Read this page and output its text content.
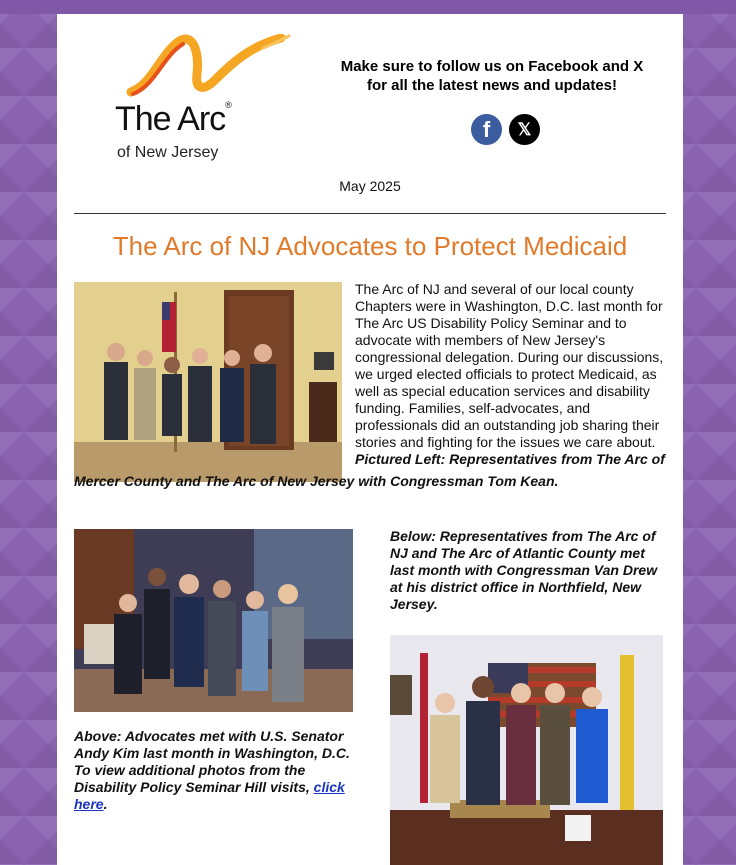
The Arc®
of New Jersey
Make sure to follow us on Facebook and X
for all the latest news and updates!
f	𝕏
May 2025
The Arc of NJ Advocates to Protect Medicaid
The Arc of NJ and several of our local county Chapters were in Washington, D.C. last month for The Arc US Disability Policy Seminar and to advocate with members of New Jersey's congressional delegation. During our discussions, we urged elected officials to protect Medicaid, as well as special education services and disability funding. Families, self-advocates, and professionals did an outstanding job sharing their stories and fighting for the issues we care about. Pictured Left: Representatives from The Arc of
Mercer County and The Arc of New Jersey with Congressman Tom Kean.
Below: Representatives from The Arc of NJ and The Arc of Atlantic County met last month with Congressman Van Drew at his district office in Northfield, New Jersey.
Above: Advocates met with U.S. Senator Andy Kim last month in Washington, D.C. To view additional photos from the Disability Policy Seminar Hill visits, click here.
